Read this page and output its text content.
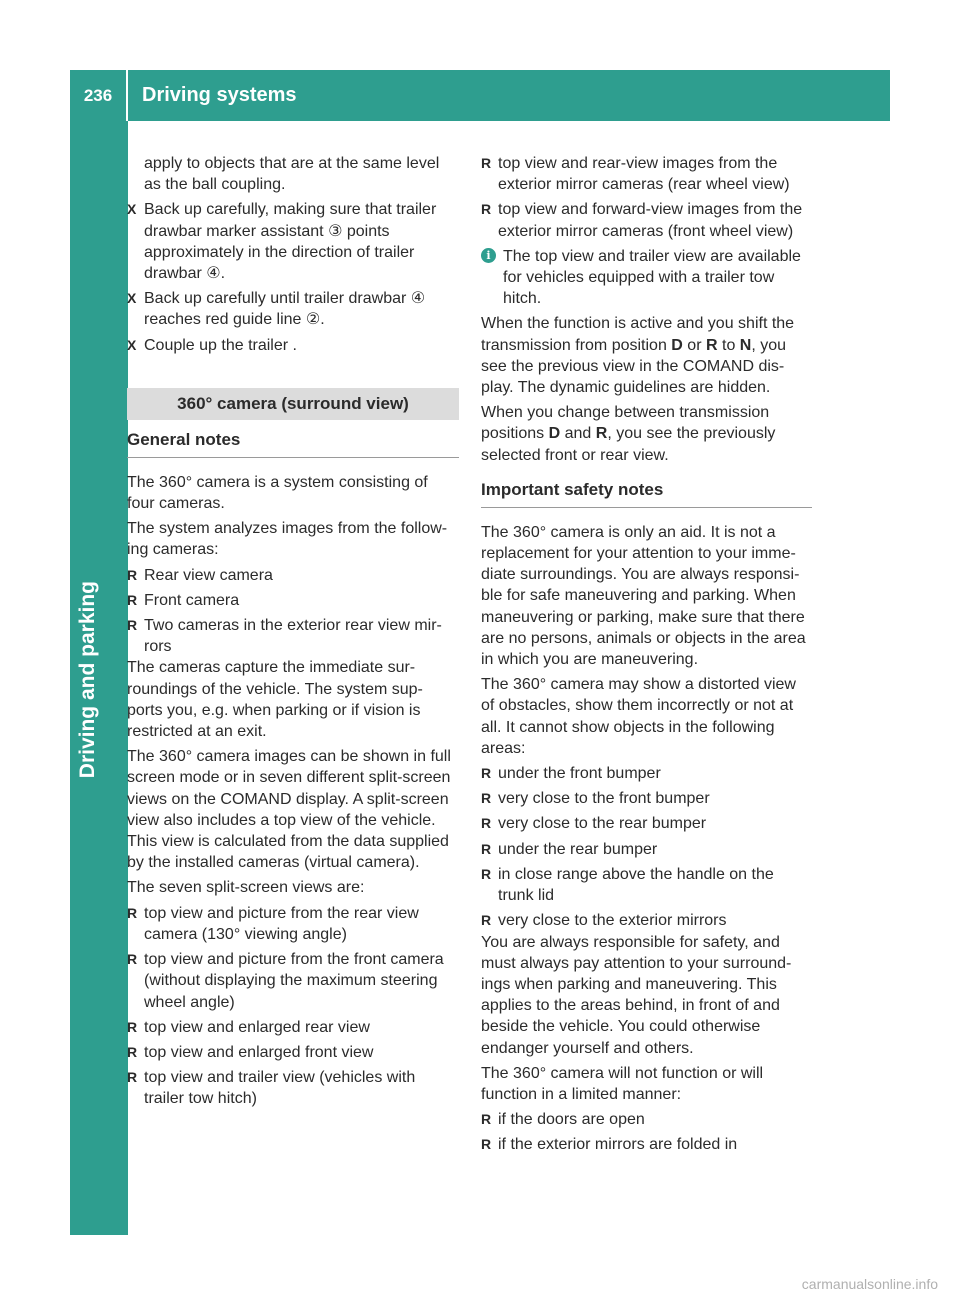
236	Driving systems
Driving and parking

apply to objects that are at the same level as the ball coupling.

X Back up carefully, making sure that trailer drawbar marker assistant ③ points approximately in the direction of trailer drawbar ④.
X Back up carefully until trailer drawbar ④ reaches red guide line ②.
X Couple up the trailer .
360° camera (surround view)
General notes

The 360° camera is a system consisting of four cameras.

The system analyzes images from the follow- ing cameras:

R Rear view camera
R Front camera
R Two cameras in the exterior rear view mir- rors

The cameras capture the immediate sur- roundings of the vehicle. The system sup- ports you, e.g. when parking or if vision is restricted at an exit.

The 360° camera images can be shown in full screen mode or in seven different split-screen views on the COMAND display. A split-screen view also includes a top view of the vehicle. This view is calculated from the data supplied by the installed cameras (virtual camera).

The seven split-screen views are:

R top view and picture from the rear view camera (130° viewing angle)
R top view and picture from the front camera (without displaying the maximum steering wheel angle)
R top view and enlarged rear view
R top view and enlarged front view
R top view and trailer view (vehicles with trailer tow hitch)
R top view and rear-view images from the exterior mirror cameras (rear wheel view)
R top view and forward-view images from the exterior mirror cameras (front wheel view)
i The top view and trailer view are available for vehicles equipped with a trailer tow hitch.

When the function is active and you shift the transmission from position D or R to N, you see the previous view in the COMAND dis- play. The dynamic guidelines are hidden.

When you change between transmission positions D and R, you see the previously selected front or rear view.

Important safety notes

The 360° camera is only an aid. It is not a replacement for your attention to your imme- diate surroundings. You are always responsi- ble for safe maneuvering and parking. When maneuvering or parking, make sure that there are no persons, animals or objects in the area in which you are maneuvering.

The 360° camera may show a distorted view of obstacles, show them incorrectly or not at all. It cannot show objects in the following areas:

R under the front bumper
R very close to the front bumper
R very close to the rear bumper
R under the rear bumper
R in close range above the handle on the trunk lid
R very close to the exterior mirrors

You are always responsible for safety, and must always pay attention to your surround- ings when parking and maneuvering. This applies to the areas behind, in front of and beside the vehicle. You could otherwise endanger yourself and others.

The 360° camera will not function or will function in a limited manner:

R if the doors are open
R if the exterior mirrors are folded in
carmanualsonline.info
